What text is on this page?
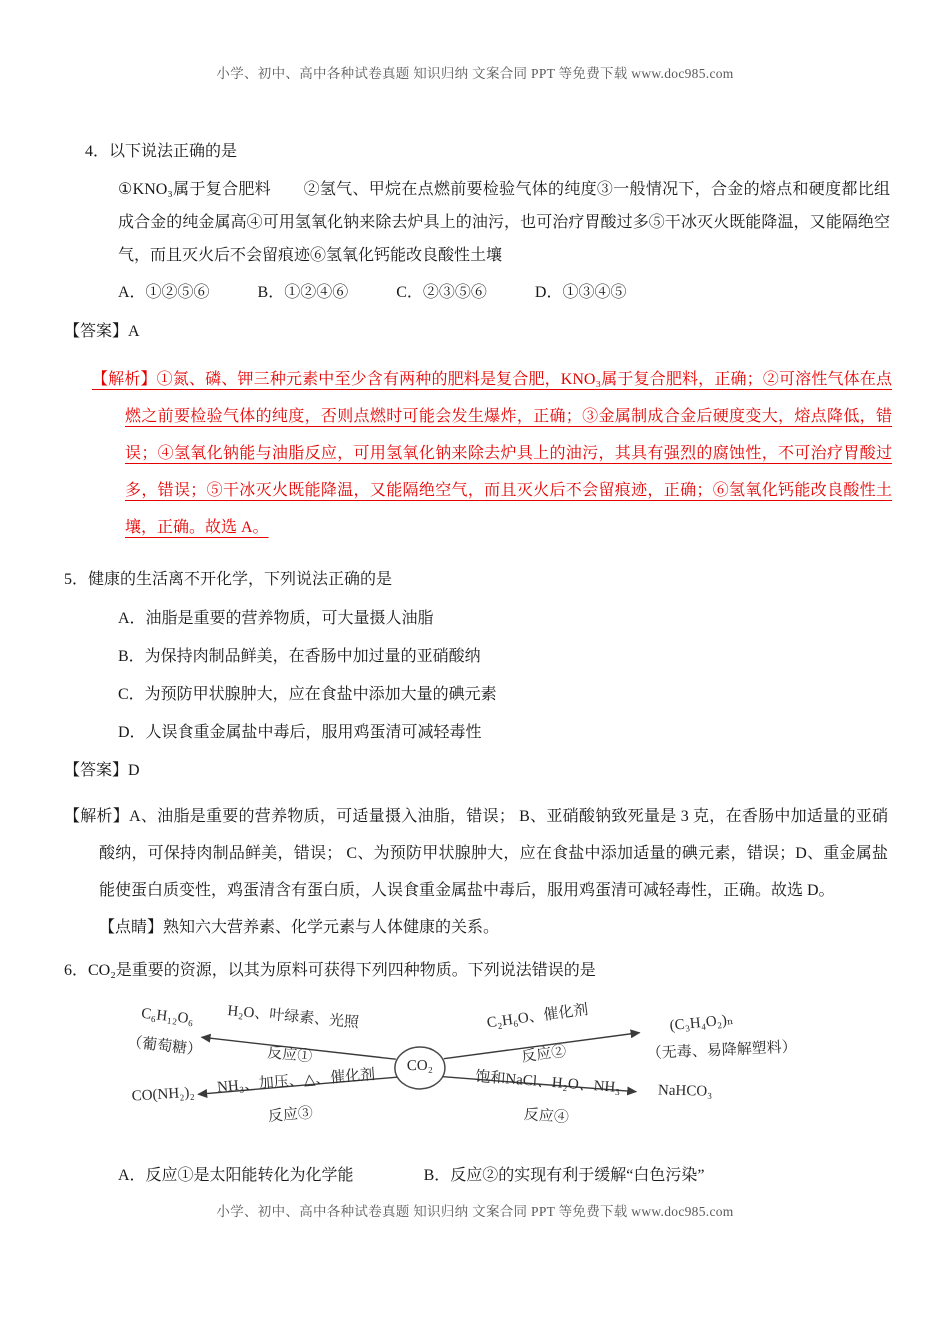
小学、初中、高中各种试卷真题 知识归纳 文案合同 PPT 等免费下载 www.doc985.com

4．以下说法正确的是

①KNO₃属于复合肥料　　②氢气、甲烷在点燃前要检验气体的纯度③一般情况下，合金的熔点和硬度都比组成合金的纯金属高④可用氢氧化钠来除去炉具上的油污，也可治疗胃酸过多⑤干冰灭火既能降温，又能隔绝空气，而且灭火后不会留痕迹⑥氢氧化钙能改良酸性土壤

A．①②⑤⑥　　　B．①②④⑥　　　C．②③⑤⑥　　　D．①③④⑤

【答案】A

【解析】①氮、磷、钾三种元素中至少含有两种的肥料是复合肥，KNO₃属于复合肥料，正确；②可溶性气体在点燃之前要检验气体的纯度，否则点燃时可能会发生爆炸，正确；③金属制成合金后硬度变大，熔点降低，错误；④氢氧化钠能与油脂反应，可用氢氧化钠来除去炉具上的油污，其具有强烈的腐蚀性，不可治疗胃酸过多，错误；⑤干冰灭火既能降温，又能隔绝空气，而且灭火后不会留痕迹，正确；⑥氢氧化钙能改良酸性土壤，正确。故选 A。

5．健康的生活离不开化学，下列说法正确的是

A．油脂是重要的营养物质，可大量摄人油脂

B．为保持肉制品鲜美，在香肠中加过量的亚硝酸纳

C．为预防甲状腺肿大，应在食盐中添加大量的碘元素

D．人误食重金属盐中毒后，服用鸡蛋清可减轻毒性

【答案】D

【解析】A、油脂是重要的营养物质，可适量摄入油脂，错误； B、亚硝酸钠致死量是 3 克，在香肠中加适量的亚硝酸纳，可保持肉制品鲜美，错误； C、为预防甲状腺肿大，应在食盐中添加适量的碘元素，错误；D、重金属盐能使蛋白质变性，鸡蛋清含有蛋白质，人误食重金属盐中毒后，服用鸡蛋清可减轻毒性，正确。故选 D。

【点睛】熟知六大营养素、化学元素与人体健康的关系。

6．CO₂是重要的资源，以其为原料可获得下列四种物质。下列说法错误的是

CO₂
H₂O、叶绿素、光照
反应①
C₆H₁₂O₆
（葡萄糖）
C₂H₆O、催化剂
反应②
(C₃H₄O₂)ₙ
（无毒、易降解塑料）
NH₃、加压、△、催化剂
反应③
CO(NH₂)₂	饱和NaCl、H₂O、NH₃
反应④
NaHCO₃
A．反应①是太阳能转化为化学能	B．反应②的实现有利于缓解“白色污染”
小学、初中、高中各种试卷真题 知识归纳 文案合同 PPT 等免费下载 www.doc985.com
